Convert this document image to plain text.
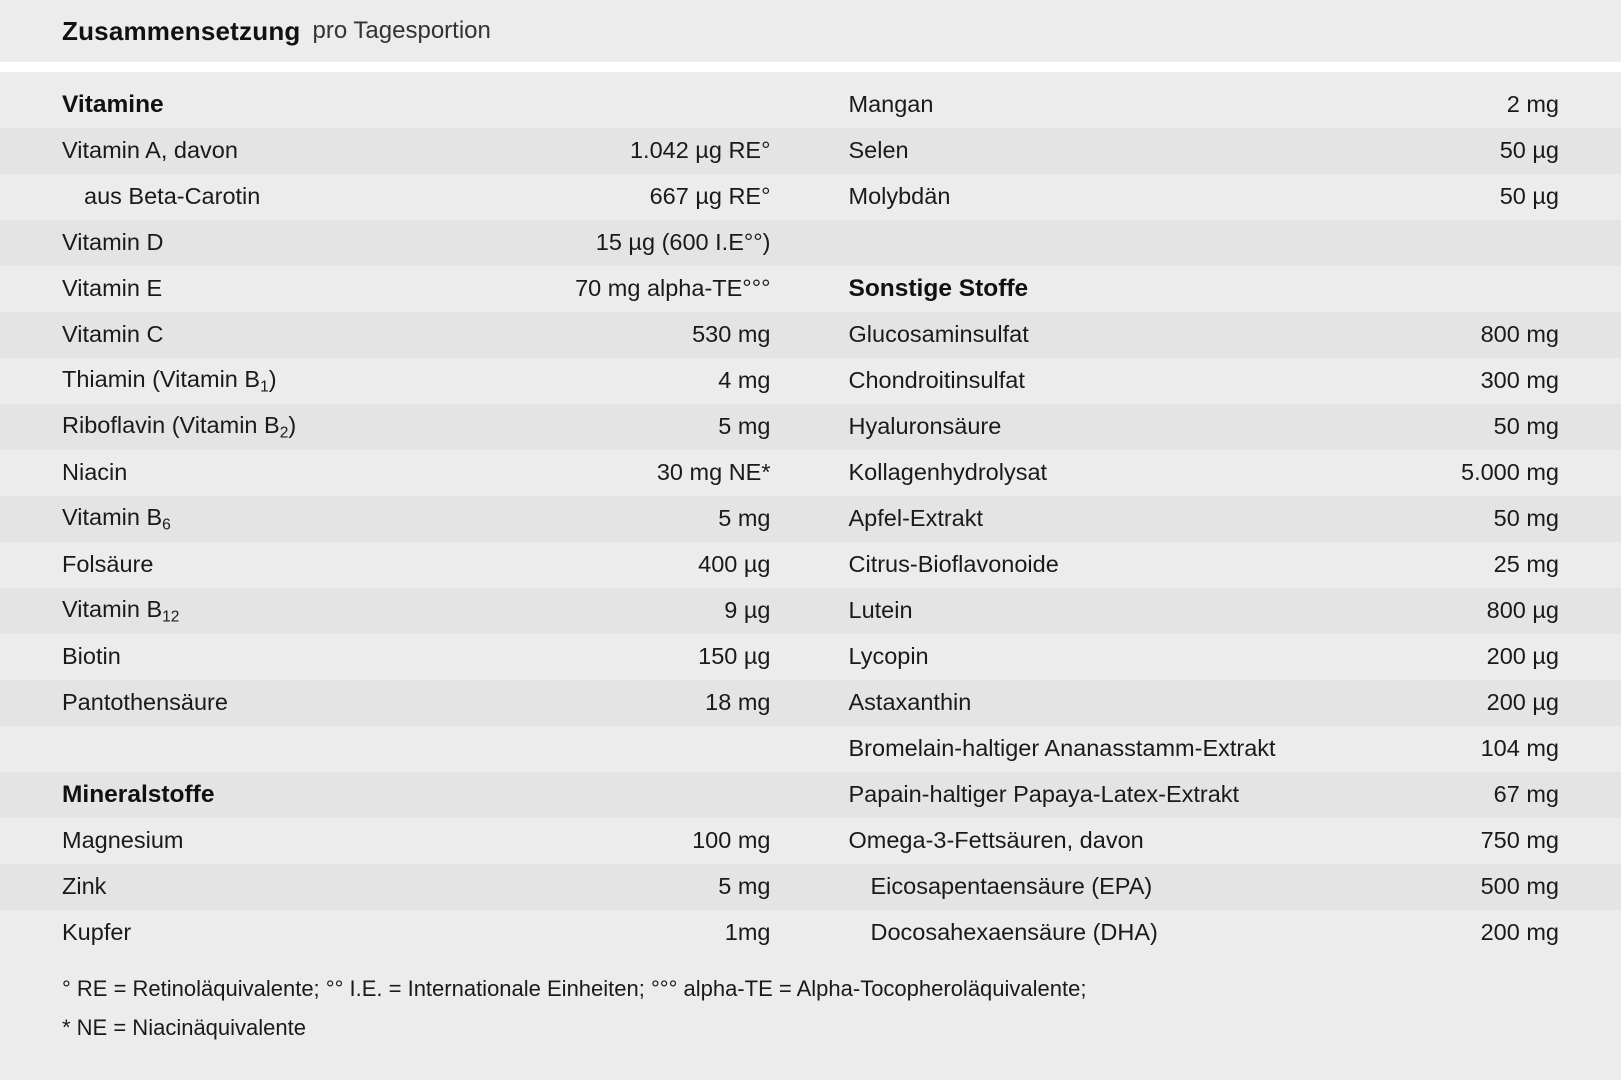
Zusammensetzung pro Tagesportion
Vitamine
Vitamin A, davon	1.042 µg RE°
aus Beta-Carotin	667 µg RE°
Vitamin D	15 µg (600 I.E°°)
Vitamin E	70 mg alpha-TE°°°
Vitamin C	530 mg
Thiamin (Vitamin $B_1$)	4 mg
Riboflavin (Vitamin $B_2$)	5 mg
Niacin	30 mg NE*
Vitamin $B_6$	5 mg
Folsäure	400 µg
Vitamin $B_{12}$	9 µg
Biotin	150 µg
Pantothensäure	18 mg
Mineralstoffe
Magnesium	100 mg
Zink	5 mg
Kupfer	1mg
Mangan	2 mg
Selen	50 µg
Molybdän	50 µg
Sonstige Stoffe
Glucosaminsulfat	800 mg
Chondroitinsulfat	300 mg
Hyaluronsäure	50 mg
Kollagenhydrolysat	5.000 mg
Apfel-Extrakt	50 mg
Citrus-Bioflavonoide	25 mg
Lutein	800 µg
Lycopin	200 µg
Astaxanthin	200 µg
Bromelain-haltiger Ananasstamm-Extrakt	104 mg
Papain-haltiger Papaya-Latex-Extrakt	67 mg
Omega-3-Fettsäuren, davon	750 mg
Eicosapentaensäure (EPA)	500 mg
Docosahexaensäure (DHA)	200 mg
° RE = Retinoläquivalente; °° I.E. = Internationale Einheiten; °°° alpha-TE = Alpha-Tocopheroläquivalente;
* NE = Niacinäquivalente
